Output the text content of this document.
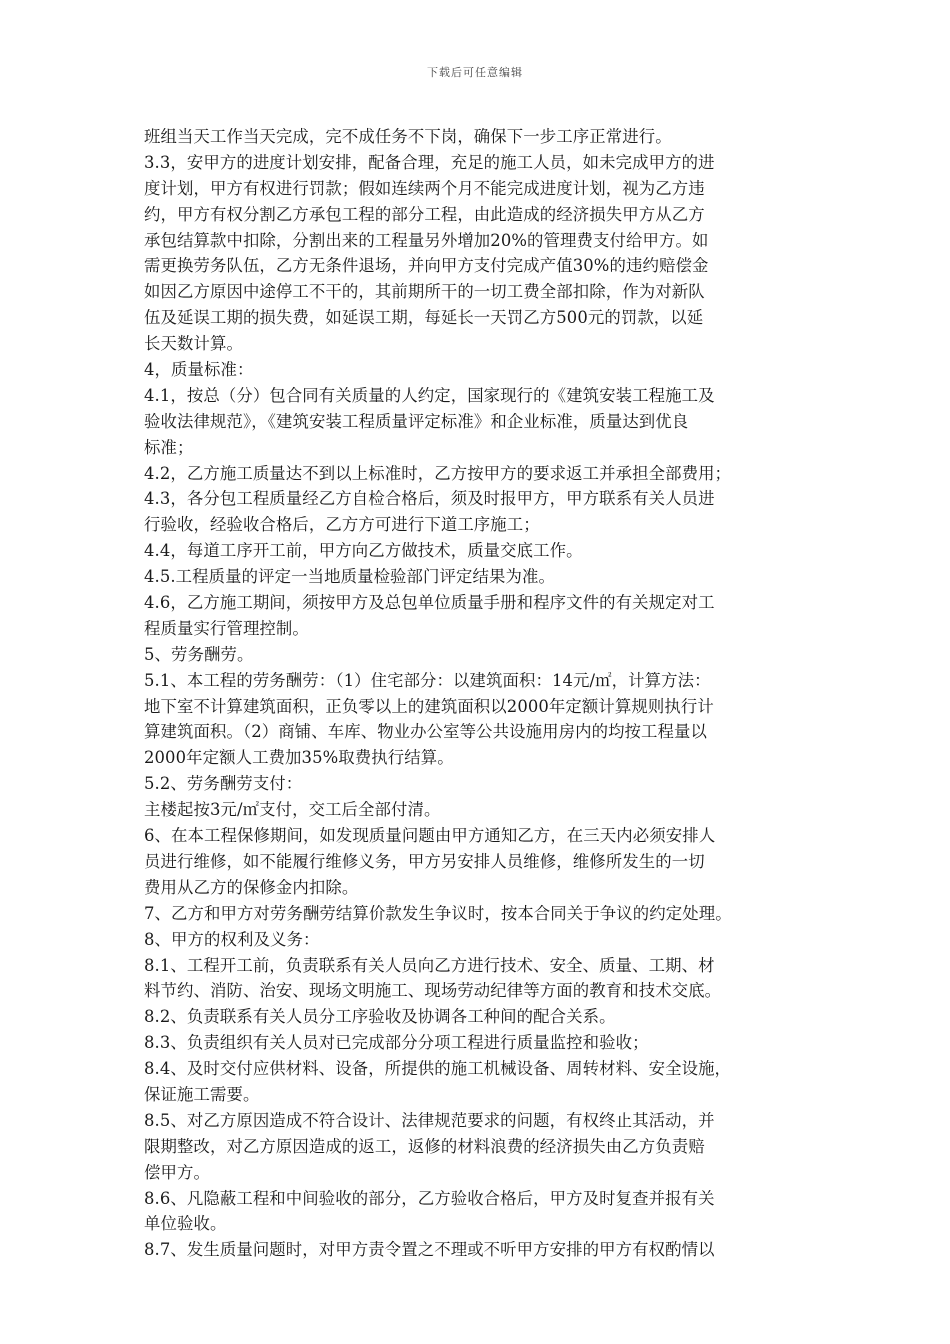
下载后可任意编辑
班组当天工作当天完成，完不成任务不下岗，确保下一步工序正常进行。
3.3，安甲方的进度计划安排，配备合理，充足的施工人员，如未完成甲方的进
度计划，甲方有权进行罚款；假如连续两个月不能完成进度计划，视为乙方违
约，甲方有权分割乙方承包工程的部分工程，由此造成的经济损失甲方从乙方
承包结算款中扣除，分割出来的工程量另外增加20%的管理费支付给甲方。如
需更换劳务队伍，乙方无条件退场，并向甲方支付完成产值30%的违约赔偿金
如因乙方原因中途停工不干的，其前期所干的一切工费全部扣除，作为对新队
伍及延误工期的损失费，如延误工期，每延长一天罚乙方500元的罚款，以延
长天数计算。
4，质量标准：
4.1，按总（分）包合同有关质量的人约定，国家现行的《建筑安装工程施工及
验收法律规范》，《建筑安装工程质量评定标准》和企业标准，质量达到优良
标准；
4.2，乙方施工质量达不到以上标准时，乙方按甲方的要求返工并承担全部费用；
4.3，各分包工程质量经乙方自检合格后，须及时报甲方，甲方联系有关人员进
行验收，经验收合格后，乙方方可进行下道工序施工；
4.4，每道工序开工前，甲方向乙方做技术，质量交底工作。
4.5.工程质量的评定一当地质量检验部门评定结果为准。
4.6，乙方施工期间，须按甲方及总包单位质量手册和程序文件的有关规定对工
程质量实行管理控制。
5、劳务酬劳。
5.1、本工程的劳务酬劳：（1）住宅部分：以建筑面积：14元/㎡，计算方法：
地下室不计算建筑面积，正负零以上的建筑面积以2000年定额计算规则执行计
算建筑面积。（2）商铺、车库、物业办公室等公共设施用房内的均按工程量以
2000年定额人工费加35%取费执行结算。
5.2、劳务酬劳支付：
主楼起按3元/㎡支付，交工后全部付清。
6、在本工程保修期间，如发现质量问题由甲方通知乙方，在三天内必须安排人
员进行维修，如不能履行维修义务，甲方另安排人员维修，维修所发生的一切
费用从乙方的保修金内扣除。
7、乙方和甲方对劳务酬劳结算价款发生争议时，按本合同关于争议的约定处理。
8、甲方的权利及义务：
8.1、工程开工前，负责联系有关人员向乙方进行技术、安全、质量、工期、材
料节约、消防、治安、现场文明施工、现场劳动纪律等方面的教育和技术交底。
8.2、负责联系有关人员分工序验收及协调各工种间的配合关系。
8.3、负责组织有关人员对已完成部分分项工程进行质量监控和验收；
8.4、及时交付应供材料、设备，所提供的施工机械设备、周转材料、安全设施，
保证施工需要。
8.5、对乙方原因造成不符合设计、法律规范要求的问题，有权终止其活动，并
限期整改，对乙方原因造成的返工，返修的材料浪费的经济损失由乙方负责赔
偿甲方。
8.6、凡隐蔽工程和中间验收的部分，乙方验收合格后，甲方及时复查并报有关
单位验收。
8.7、发生质量问题时，对甲方责令置之不理或不听甲方安排的甲方有权酌情以
